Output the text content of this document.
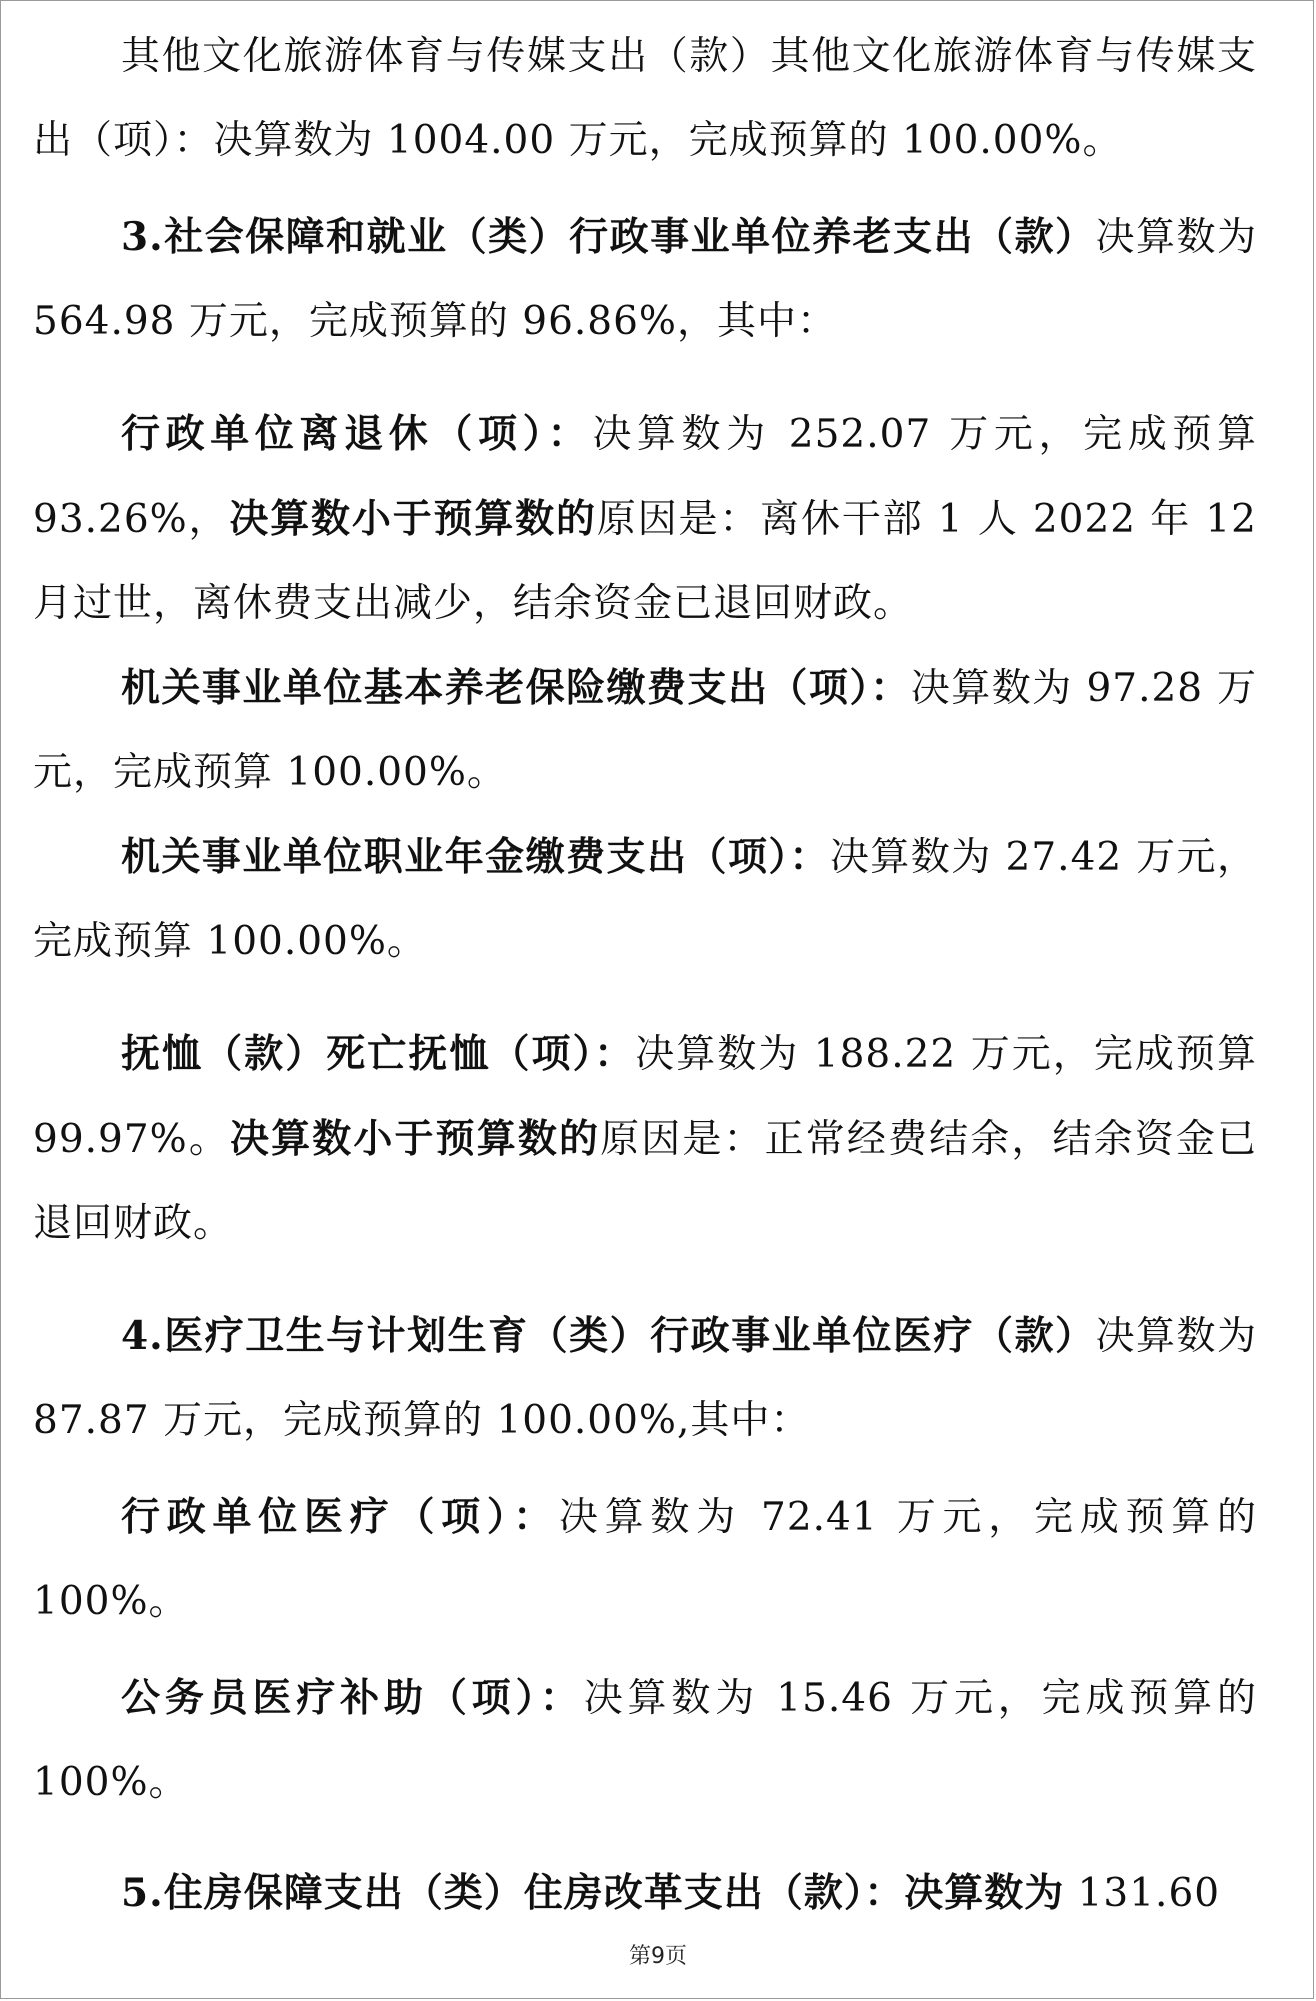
其他文化旅游体育与传媒支出（款）其他文化旅游体育与传媒支出（项）：决算数为 1004.00 万元，完成预算的 100.00%。

3.社会保障和就业（类）行政事业单位养老支出（款）决算数为 564.98 万元，完成预算的 96.86%，其中：

行政单位离退休（项）：决算数为 252.07 万元，完成预算 93.26%，决算数小于预算数的原因是：离休干部 1 人 2022 年 12 月过世，离休费支出减少，结余资金已退回财政。

机关事业单位基本养老保险缴费支出（项）：决算数为 97.28 万元，完成预算 100.00%。

机关事业单位职业年金缴费支出（项）：决算数为 27.42 万元，完成预算 100.00%。

抚恤（款）死亡抚恤（项）：决算数为 188.22 万元，完成预算 99.97%。决算数小于预算数的原因是：正常经费结余，结余资金已退回财政。

4.医疗卫生与计划生育（类）行政事业单位医疗（款）决算数为 87.87 万元，完成预算的 100.00%,其中：

行政单位医疗（项）：决算数为 72.41 万元，完成预算的 100%。

公务员医疗补助（项）：决算数为 15.46 万元，完成预算的 100%。

5.住房保障支出（类）住房改革支出（款）：决算数为 131.60

第9页
